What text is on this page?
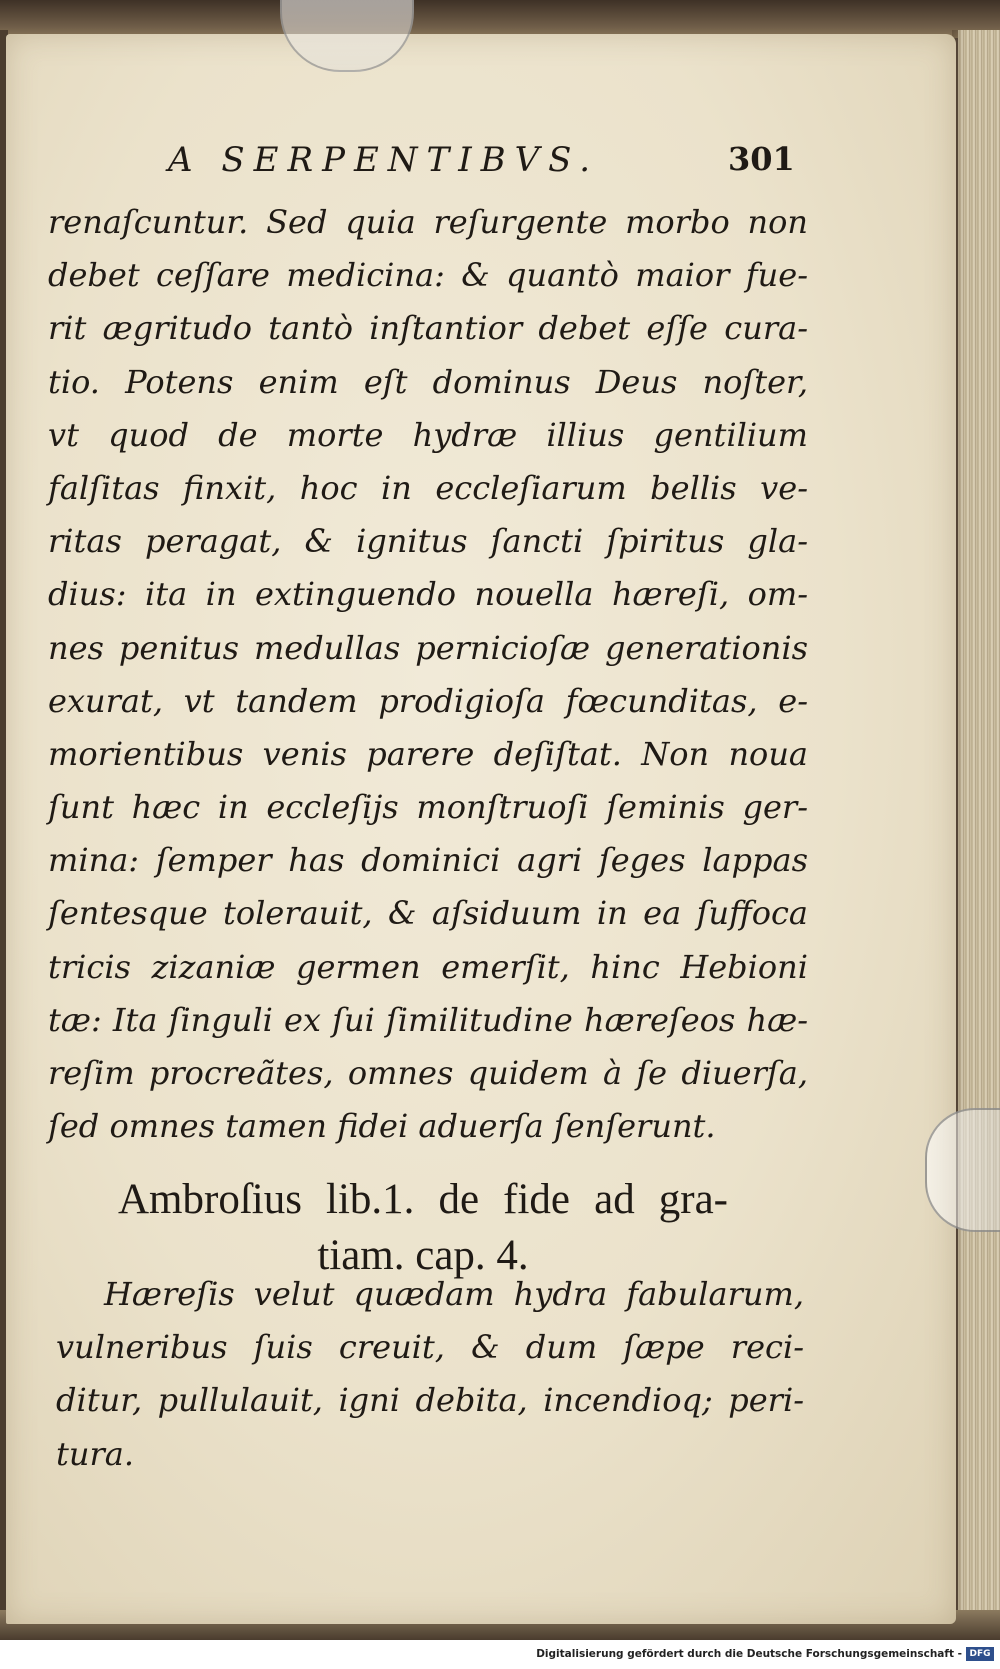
A SERPENTIBVS.	301
renaſcuntur. Sed quia reſurgente morbo non
debet ceſſare medicina: & quantò maior fue-
rit ægritudo tantò inſtantior debet eſſe cura-
tio. Potens enim eſt dominus Deus noſter,
vt quod de morte hydræ illius gentilium
falſitas finxit, hoc in eccleſiarum bellis ve-
ritas peragat, & ignitus ſancti ſpiritus gla-
dius: ita in extinguendo nouella hæreſi, om-
nes penitus medullas pernicioſæ generationis
exurat, vt tandem prodigioſa fœcunditas, e-
morientibus venis parere deſiſtat. Non noua
ſunt hæc in eccleſijs monſtruoſi ſeminis ger-
mina: ſemper has dominici agri ſeges lappas
ſentesque tolerauit, & aſsiduum in ea ſuffoca
tricis zizaniæ germen emerſit, hinc Hebioni
tæ: Ita ſinguli ex ſui ſimilitudine hæreſeos hæ-
reſim procreãtes, omnes quidem à ſe diuerſa,
ſed omnes tamen fidei aduerſa ſenſerunt.
Ambroſius lib.1. de fide ad gra-
tiam. cap. 4.
Hæreſis velut quædam hydra fabularum,
vulneribus ſuis creuit, & dum ſæpe reci-
ditur, pullulauit, igni debita, incendioq; peri-
tura.
Digitalisierung gefördert durch die Deutsche Forschungsgemeinschaft - DFG
